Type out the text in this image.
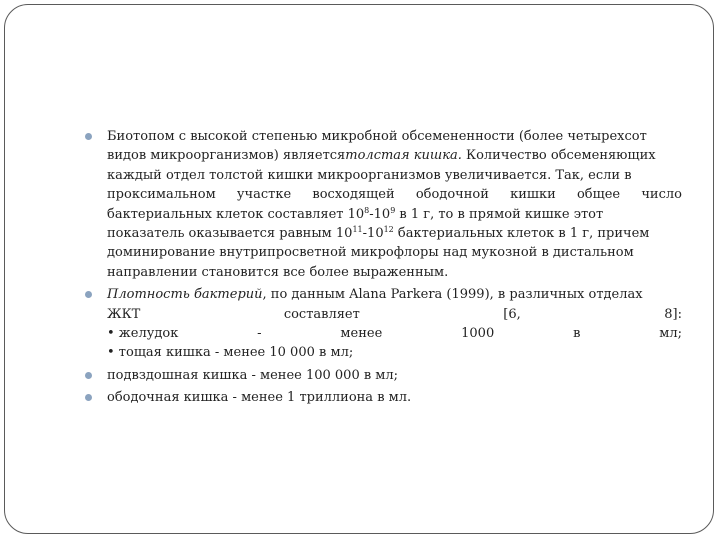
Биотопом с высокой степенью микробной обсемененности (более четырехсот
видов микроорганизмов) являетсятолстая кишка. Количество обсеменяющих
каждый отдел толстой кишки микроорганизмов увеличивается. Так, если в
проксимальном участке восходящей ободочной кишки общее число
бактериальных клеток составляет $10^8-10^9$ в 1 г, то в прямой кишке этот
показатель оказывается равным $10^{11}-10^{12}$ бактериальных клеток в 1 г, причем
доминирование внутрипросветной микрофлоры над мукозной в дистальном
направлении становится все более выраженным.
Плотность бактерий, по данным Alana Parkera (1999), в различных отделах
ЖКТ	составляет	[6,	8]:
• желудок	-	менее	1000	в	мл;
• тощая кишка - менее 10 000 в мл;
подвздошная кишка - менее 100 000 в мл;
ободочная кишка - менее 1 триллиона в мл.
